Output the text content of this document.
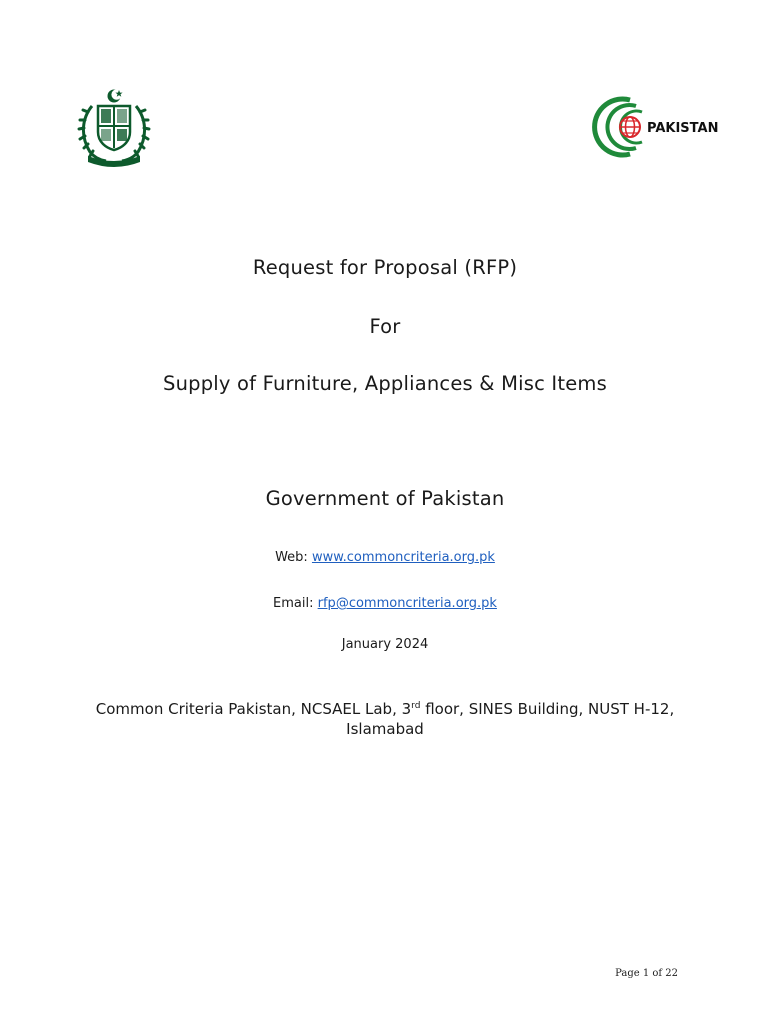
PAKISTAN
Request for Proposal (RFP)
For
Supply of Furniture, Appliances & Misc Items
Government of Pakistan
Web: www.commoncriteria.org.pk
Email: rfp@commoncriteria.org.pk
January 2024
Common Criteria Pakistan, NCSAEL Lab, 3rd floor, SINES Building, NUST H-12, Islamabad
Page 1 of 22
